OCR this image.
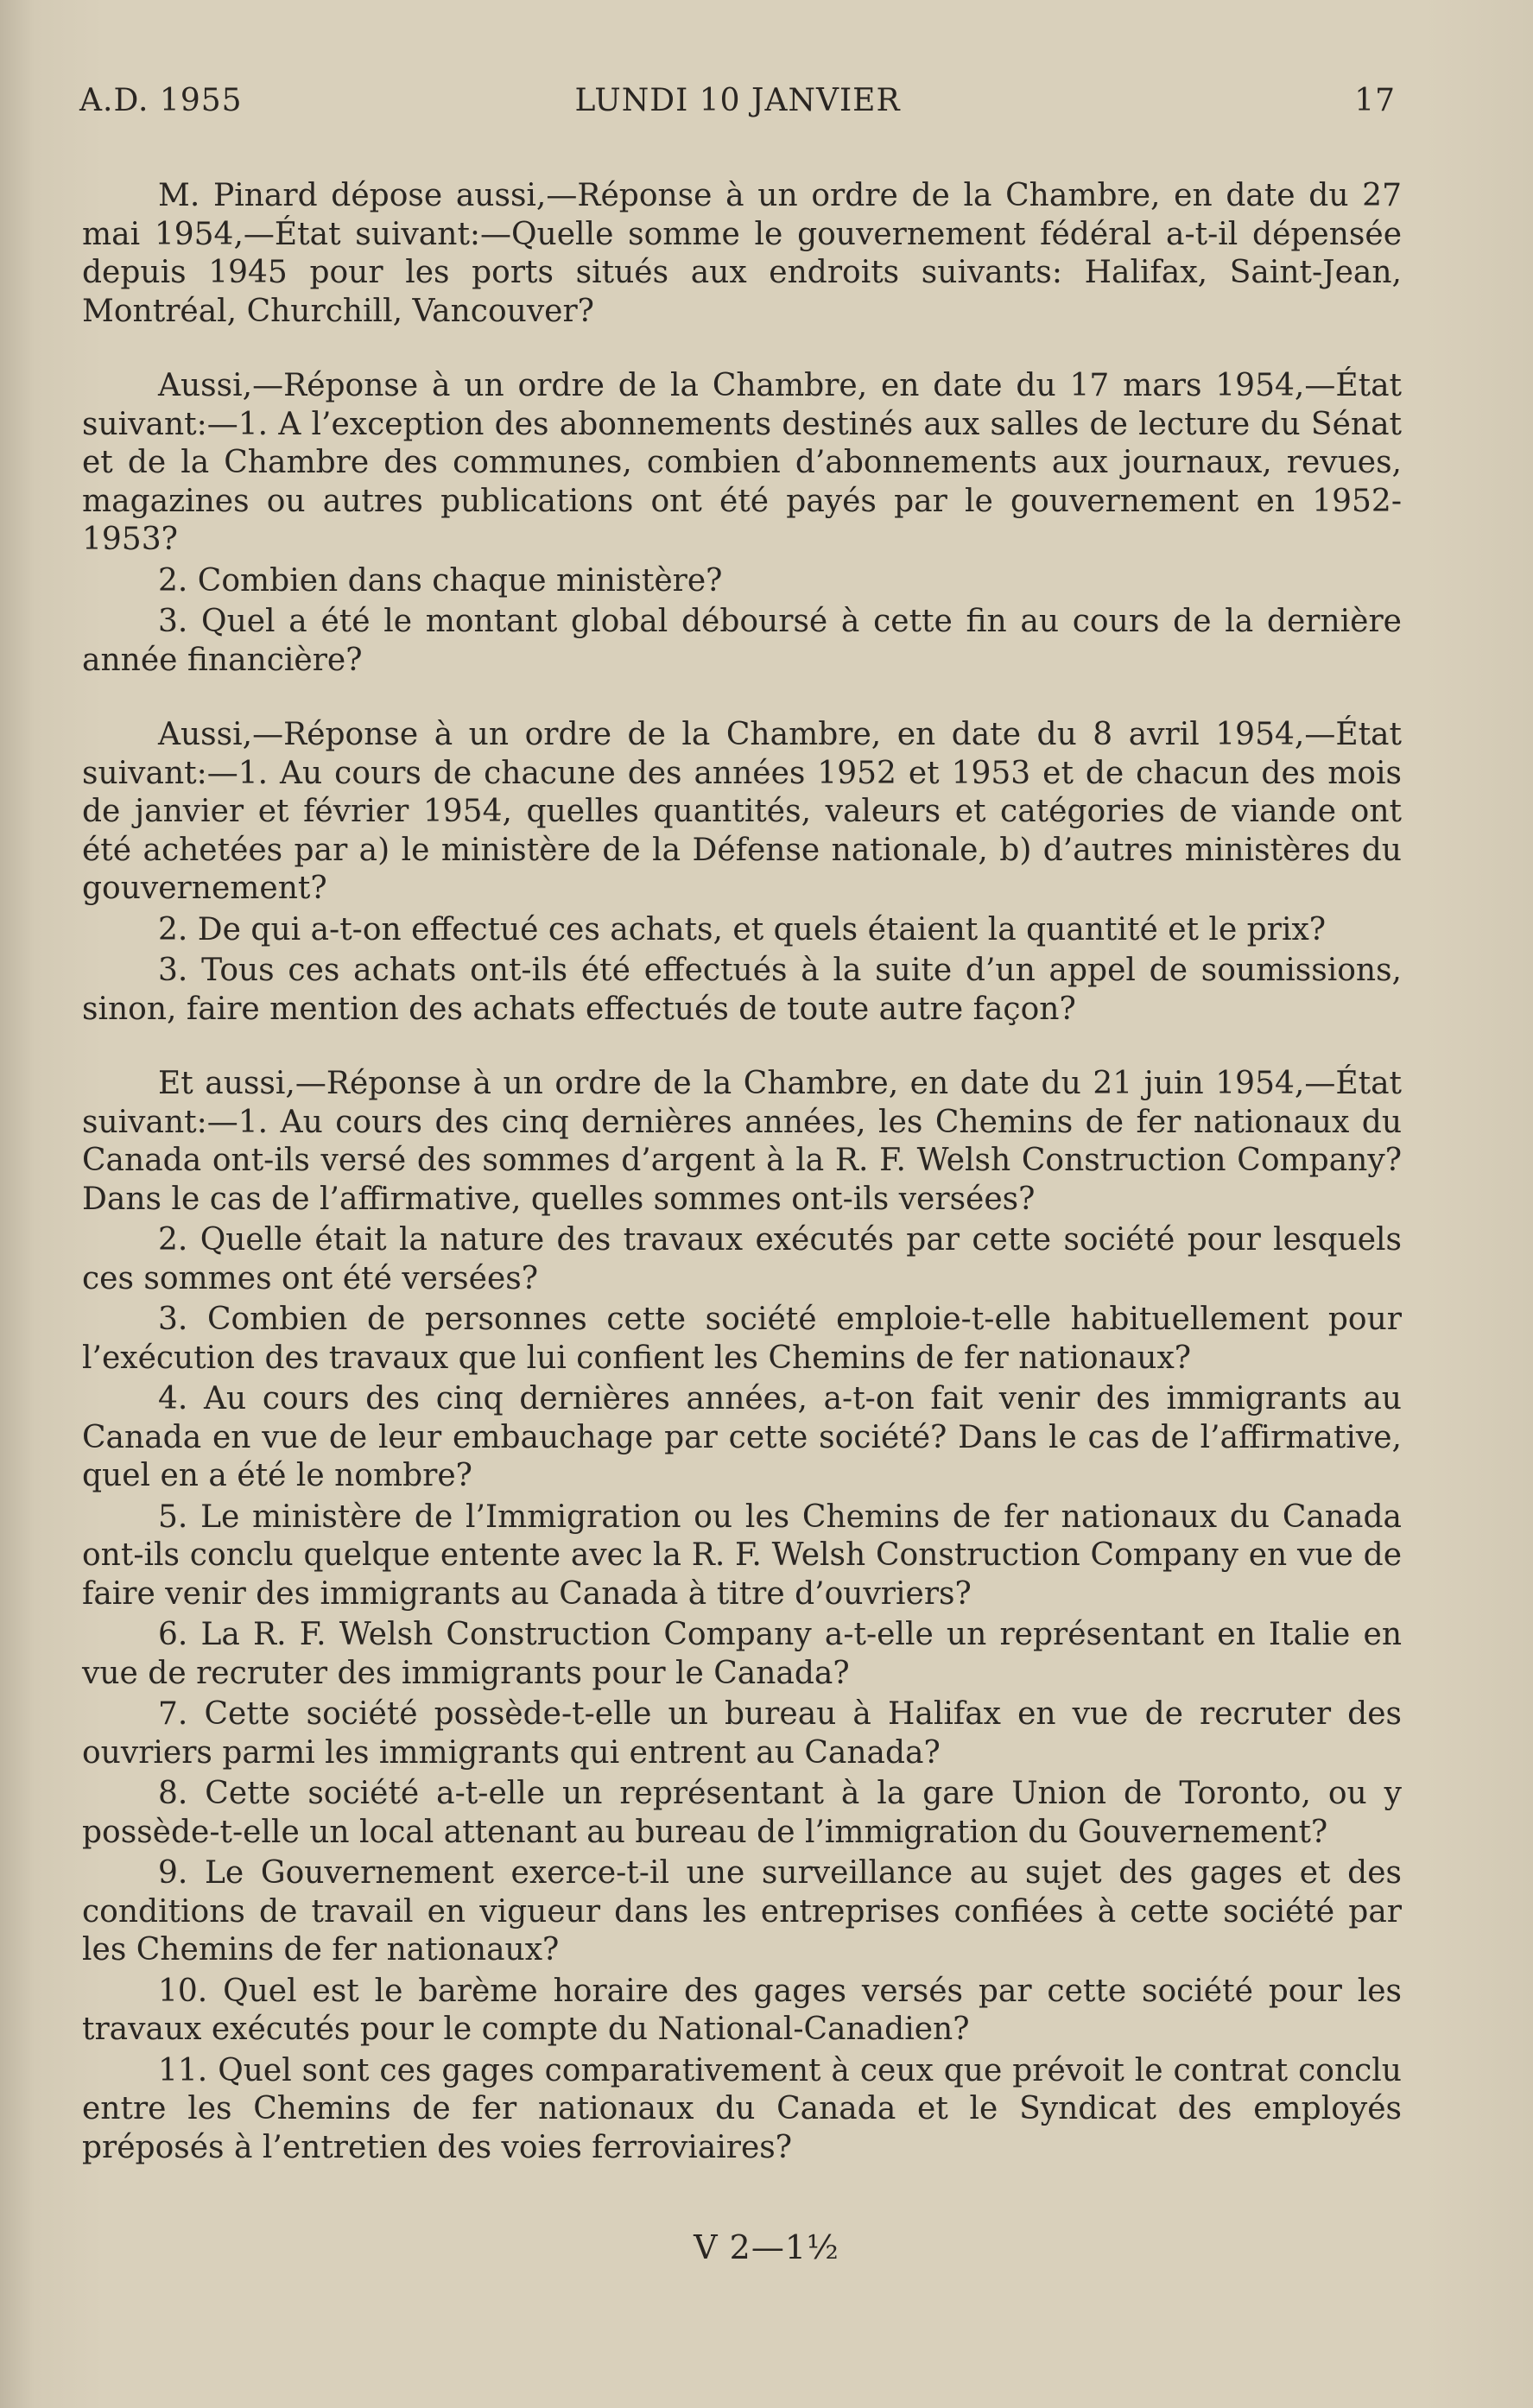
A.D. 1955	LUNDI 10 JANVIER	17

M. Pinard dépose aussi,—Réponse à un ordre de la Chambre, en date du 27 mai 1954,—État suivant:—Quelle somme le gouvernement fédéral a-t-il dépensée depuis 1945 pour les ports situés aux endroits suivants: Halifax, Saint-Jean, Montréal, Churchill, Vancouver?

Aussi,—Réponse à un ordre de la Chambre, en date du 17 mars 1954,—État suivant:—1. A l’exception des abonnements destinés aux salles de lecture du Sénat et de la Chambre des communes, combien d’abonnements aux journaux, revues, magazines ou autres publications ont été payés par le gouvernement en 1952-1953?

2. Combien dans chaque ministère?

3. Quel a été le montant global déboursé à cette fin au cours de la dernière année financière?

Aussi,—Réponse à un ordre de la Chambre, en date du 8 avril 1954,—État suivant:—1. Au cours de chacune des années 1952 et 1953 et de chacun des mois de janvier et février 1954, quelles quantités, valeurs et catégories de viande ont été achetées par a) le ministère de la Défense nationale, b) d’autres ministères du gouvernement?

2. De qui a-t-on effectué ces achats, et quels étaient la quantité et le prix?

3. Tous ces achats ont-ils été effectués à la suite d’un appel de soumissions, sinon, faire mention des achats effectués de toute autre façon?

Et aussi,—Réponse à un ordre de la Chambre, en date du 21 juin 1954,—État suivant:—1. Au cours des cinq dernières années, les Chemins de fer nationaux du Canada ont-ils versé des sommes d’argent à la R. F. Welsh Construction Company? Dans le cas de l’affirmative, quelles sommes ont-ils versées?

2. Quelle était la nature des travaux exécutés par cette société pour lesquels ces sommes ont été versées?

3. Combien de personnes cette société emploie-t-elle habituellement pour l’exécution des travaux que lui confient les Chemins de fer nationaux?

4. Au cours des cinq dernières années, a-t-on fait venir des immigrants au Canada en vue de leur embauchage par cette société? Dans le cas de l’affirmative, quel en a été le nombre?

5. Le ministère de l’Immigration ou les Chemins de fer nationaux du Canada ont-ils conclu quelque entente avec la R. F. Welsh Construction Company en vue de faire venir des immigrants au Canada à titre d’ouvriers?

6. La R. F. Welsh Construction Company a-t-elle un représentant en Italie en vue de recruter des immigrants pour le Canada?

7. Cette société possède-t-elle un bureau à Halifax en vue de recruter des ouvriers parmi les immigrants qui entrent au Canada?

8. Cette société a-t-elle un représentant à la gare Union de Toronto, ou y possède-t-elle un local attenant au bureau de l’immigration du Gouvernement?

9. Le Gouvernement exerce-t-il une surveillance au sujet des gages et des conditions de travail en vigueur dans les entreprises confiées à cette société par les Chemins de fer nationaux?

10. Quel est le barème horaire des gages versés par cette société pour les travaux exécutés pour le compte du National-Canadien?

11. Quel sont ces gages comparativement à ceux que prévoit le contrat conclu entre les Chemins de fer nationaux du Canada et le Syndicat des employés préposés à l’entretien des voies ferroviaires?

V 2—1½
